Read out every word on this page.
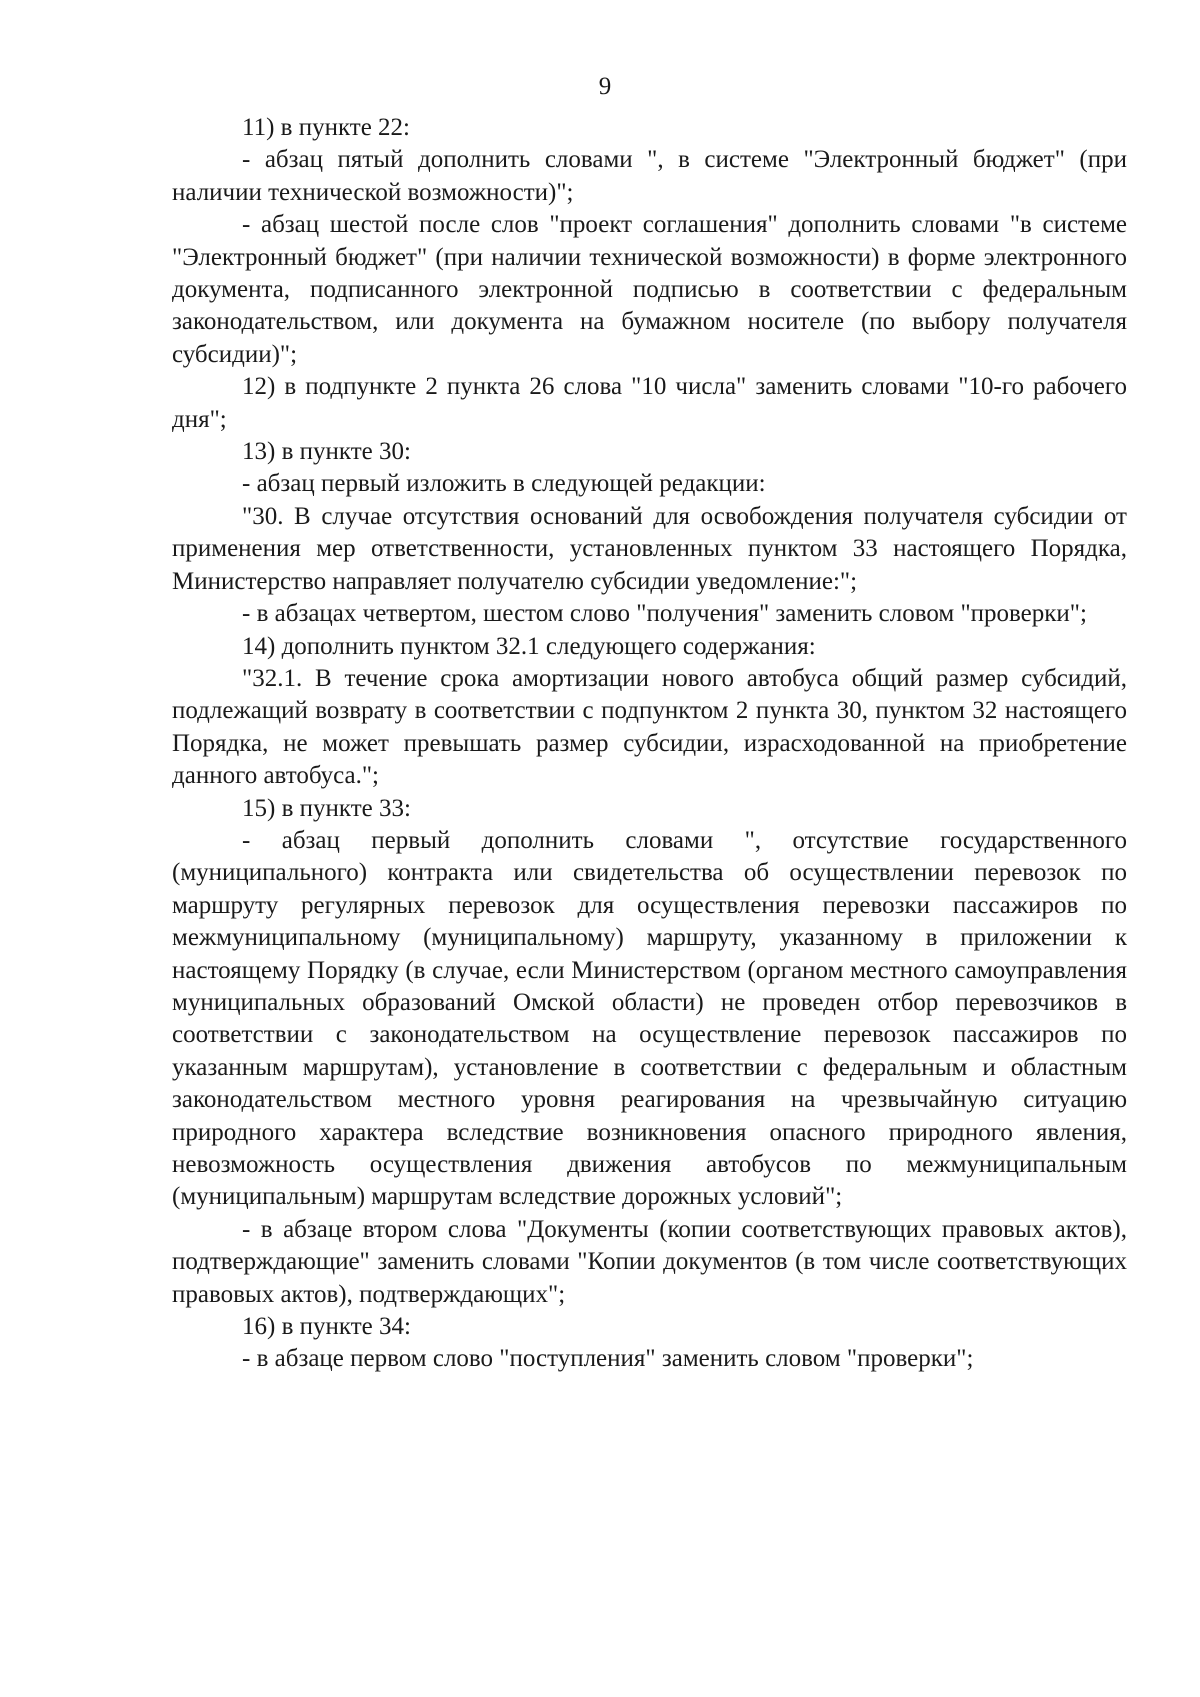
9

11) в пункте 22:

- абзац пятый дополнить словами ", в системе "Электронный бюджет" (при наличии технической возможности)";

- абзац шестой после слов "проект соглашения" дополнить словами "в системе "Электронный бюджет" (при наличии технической возможности) в форме электронного документа, подписанного электронной подписью в соответствии с федеральным законодательством, или документа на бумажном носителе (по выбору получателя субсидии)";

12) в подпункте 2 пункта 26 слова "10 числа" заменить словами "10-го рабочего дня";

13) в пункте 30:

- абзац первый изложить в следующей редакции:

"30. В случае отсутствия оснований для освобождения получателя субсидии от применения мер ответственности, установленных пунктом 33 настоящего Порядка, Министерство направляет получателю субсидии уведомление:";

- в абзацах четвертом, шестом слово "получения" заменить словом "проверки";

14) дополнить пунктом 32.1 следующего содержания:

"32.1. В течение срока амортизации нового автобуса общий размер субсидий, подлежащий возврату в соответствии с подпунктом 2 пункта 30, пунктом 32 настоящего Порядка, не может превышать размер субсидии, израсходованной на приобретение данного автобуса.";

15) в пункте 33:

- абзац первый дополнить словами ", отсутствие государственного (муниципального) контракта или свидетельства об осуществлении перевозок по маршруту регулярных перевозок для осуществления перевозки пассажиров по межмуниципальному (муниципальному) маршруту, указанному в приложении к настоящему Порядку (в случае, если Министерством (органом местного самоуправления муниципальных образований Омской области) не проведен отбор перевозчиков в соответствии с законодательством на осуществление перевозок пассажиров по указанным маршрутам), установление в соответствии с федеральным и областным законодательством местного уровня реагирования на чрезвычайную ситуацию природного характера вследствие возникновения опасного природного явления, невозможность осуществления движения автобусов по межмуниципальным (муниципальным) маршрутам вследствие дорожных условий";

- в абзаце втором слова "Документы (копии соответствующих правовых актов), подтверждающие" заменить словами "Копии документов (в том числе соответствующих правовых актов), подтверждающих";

16) в пункте 34:

- в абзаце первом слово "поступления" заменить словом "проверки";
